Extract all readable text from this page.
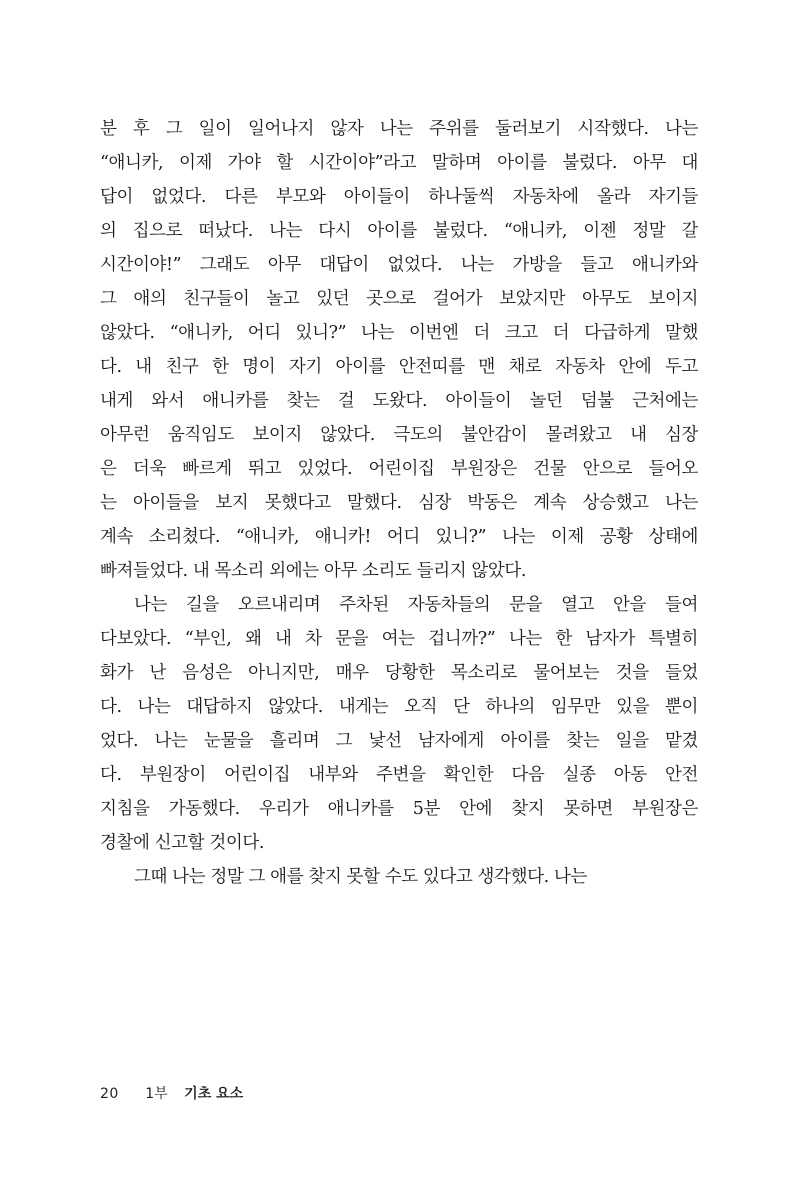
분 후 그 일이 일어나지 않자 나는 주위를 둘러보기 시작했다. 나는
“애니카, 이제 가야 할 시간이야”라고 말하며 아이를 불렀다. 아무 대
답이 없었다. 다른 부모와 아이들이 하나둘씩 자동차에 올라 자기들
의 집으로 떠났다. 나는 다시 아이를 불렀다. “애니카, 이젠 정말 갈
시간이야!” 그래도 아무 대답이 없었다. 나는 가방을 들고 애니카와
그 애의 친구들이 놀고 있던 곳으로 걸어가 보았지만 아무도 보이지
않았다. “애니카, 어디 있니?” 나는 이번엔 더 크고 더 다급하게 말했
다. 내 친구 한 명이 자기 아이를 안전띠를 맨 채로 자동차 안에 두고
내게 와서 애니카를 찾는 걸 도왔다. 아이들이 놀던 덤불 근처에는
아무런 움직임도 보이지 않았다. 극도의 불안감이 몰려왔고 내 심장
은 더욱 빠르게 뛰고 있었다. 어린이집 부원장은 건물 안으로 들어오
는 아이들을 보지 못했다고 말했다. 심장 박동은 계속 상승했고 나는
계속 소리쳤다. “애니카, 애니카! 어디 있니?” 나는 이제 공황 상태에
빠져들었다. 내 목소리 외에는 아무 소리도 들리지 않았다.
나는 길을 오르내리며 주차된 자동차들의 문을 열고 안을 들여
다보았다. “부인, 왜 내 차 문을 여는 겁니까?” 나는 한 남자가 특별히
화가 난 음성은 아니지만, 매우 당황한 목소리로 물어보는 것을 들었
다. 나는 대답하지 않았다. 내게는 오직 단 하나의 임무만 있을 뿐이
었다. 나는 눈물을 흘리며 그 낯선 남자에게 아이를 찾는 일을 맡겼
다. 부원장이 어린이집 내부와 주변을 확인한 다음 실종 아동 안전
지침을 가동했다. 우리가 애니카를 5분 안에 찾지 못하면 부원장은
경찰에 신고할 것이다.
그때 나는 정말 그 애를 찾지 못할 수도 있다고 생각했다. 나는
20 1부 기초 요소
